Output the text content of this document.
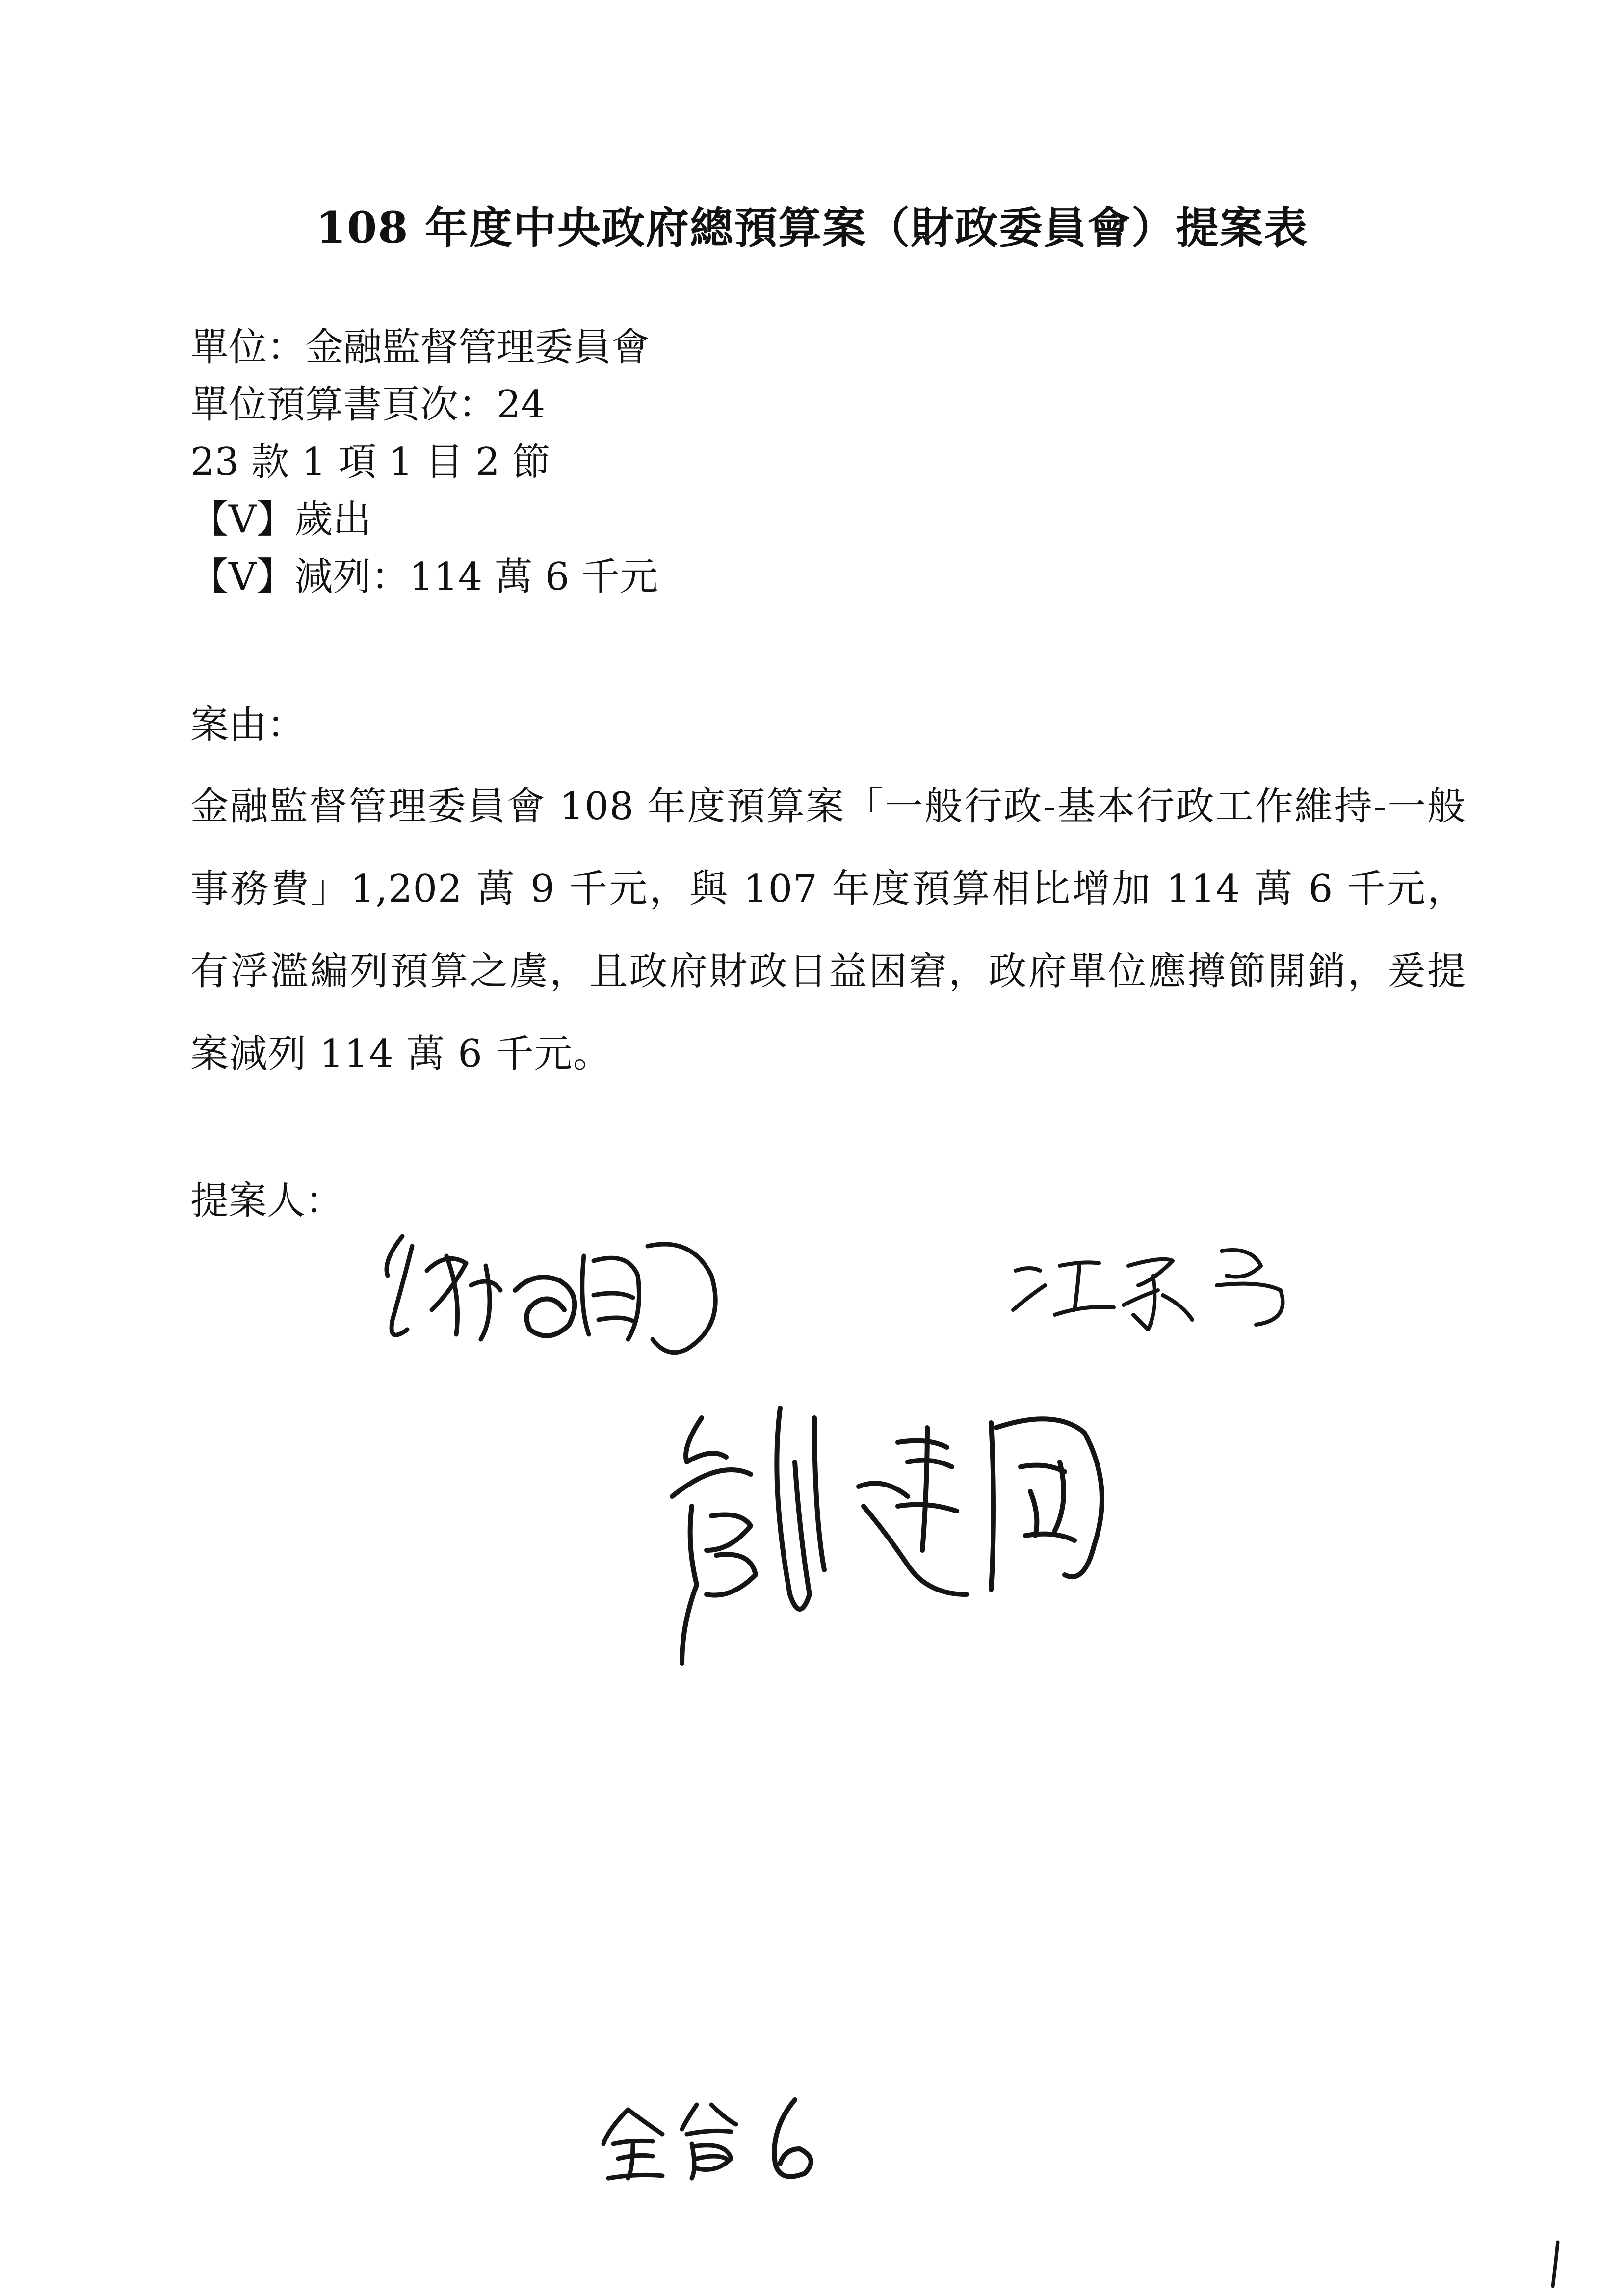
108 年度中央政府總預算案（財政委員會）提案表
單位：金融監督管理委員會
單位預算書頁次：24
23 款 1 項 1 目 2 節
【V】歲出
【V】減列：114 萬 6 千元
案由：
金融監督管理委員會 108 年度預算案「一般行政-基本行政工作維持-一般事務費」1,202 萬 9 千元，與 107 年度預算相比增加 114 萬 6 千元，有浮濫編列預算之虞，且政府財政日益困窘，政府單位應撙節開銷，爰提案減列 114 萬 6 千元。
提案人：
